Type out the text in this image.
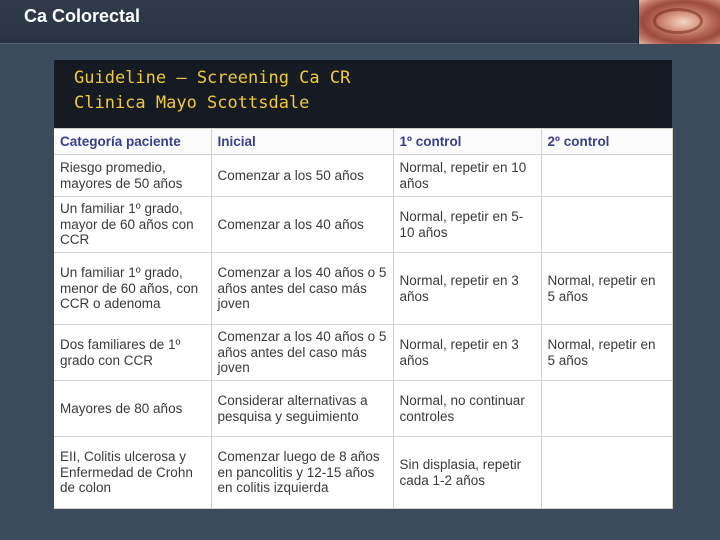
Ca Colorectal
Guideline – Screening Ca CR
Clinica Mayo Scottsdale
Categoría paciente	Inicial	1º control	2º control
Riesgo promedio, mayores de 50 años	Comenzar a los 50 años	Normal, repetir en 10 años	
Un familiar 1º grado, mayor de 60 años con CCR	Comenzar a los 40 años	Normal, repetir en 5-10 años	
Un familiar 1º grado, menor de 60 años, con CCR o adenoma	Comenzar a los 40 años o 5 años antes del caso más joven	Normal, repetir en 3 años	Normal, repetir en 5 años
Dos familiares de 1º grado con CCR	Comenzar a los 40 años o 5 años antes del caso más joven	Normal, repetir en 3 años	Normal, repetir en 5 años
Mayores de 80 años	Considerar alternativas a pesquisa y seguimiento	Normal, no continuar controles	
EII, Colitis ulcerosa y Enfermedad de Crohn de colon	Comenzar luego de 8 años en pancolitis y 12-15 años en colitis izquierda	Sin displasia, repetir cada 1-2 años	
